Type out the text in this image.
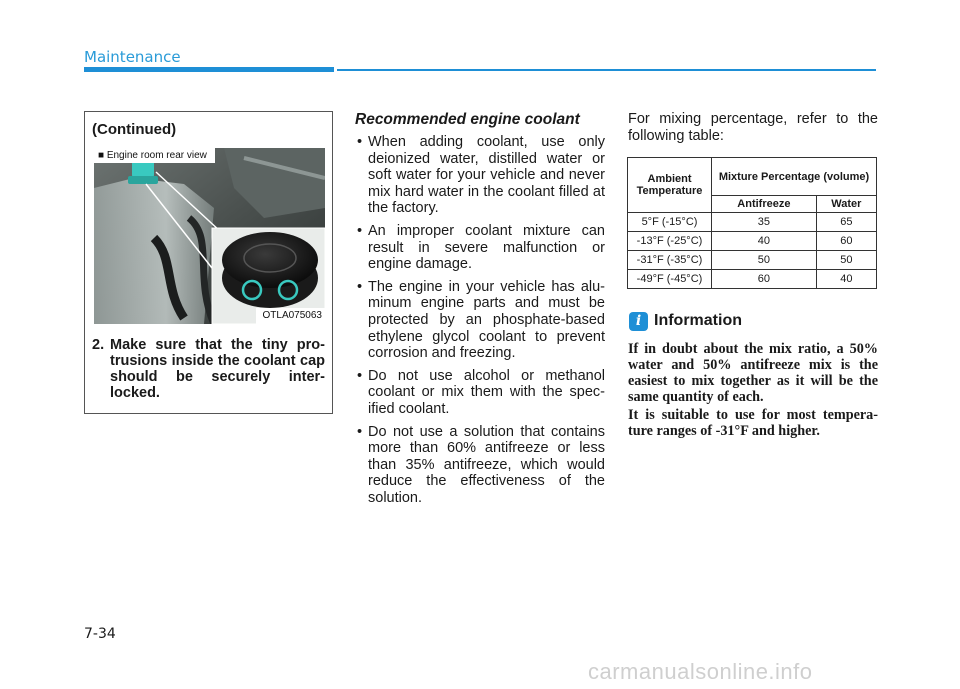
Maintenance
(Continued)
■ Engine room rear view
OTLA075063
2. Make sure that the tiny pro-trusions inside the coolant cap should be securely inter-locked.
Recommended engine coolant
• When adding coolant, use only deionized water, distilled water or soft water for your vehicle and never mix hard water in the coolant filled at the factory.
• An improper coolant mixture can result in severe malfunction or engine damage.
• The engine in your vehicle has alu-minum engine parts and must be protected by an phosphate-based ethylene glycol coolant to prevent corrosion and freezing.
• Do not use alcohol or methanol coolant or mix them with the spec-ified coolant.
• Do not use a solution that contains more than 60% antifreeze or less than 35% antifreeze, which would reduce the effectiveness of the solution.
For mixing percentage, refer to the following table:
Ambient Temperature	Mixture Percentage (volume)	
	Antifreeze	Water
5°F (-15°C)	35	65
-13°F (-25°C)	40	60
-31°F (-35°C)	50	50
-49°F (-45°C)	60	40
i Information
If in doubt about the mix ratio, a 50% water and 50% antifreeze mix is the easiest to mix together as it will be the same quantity of each.
It is suitable to use for most tempera-ture ranges of -31°F and higher.
7-34
carmanualsonline.info
